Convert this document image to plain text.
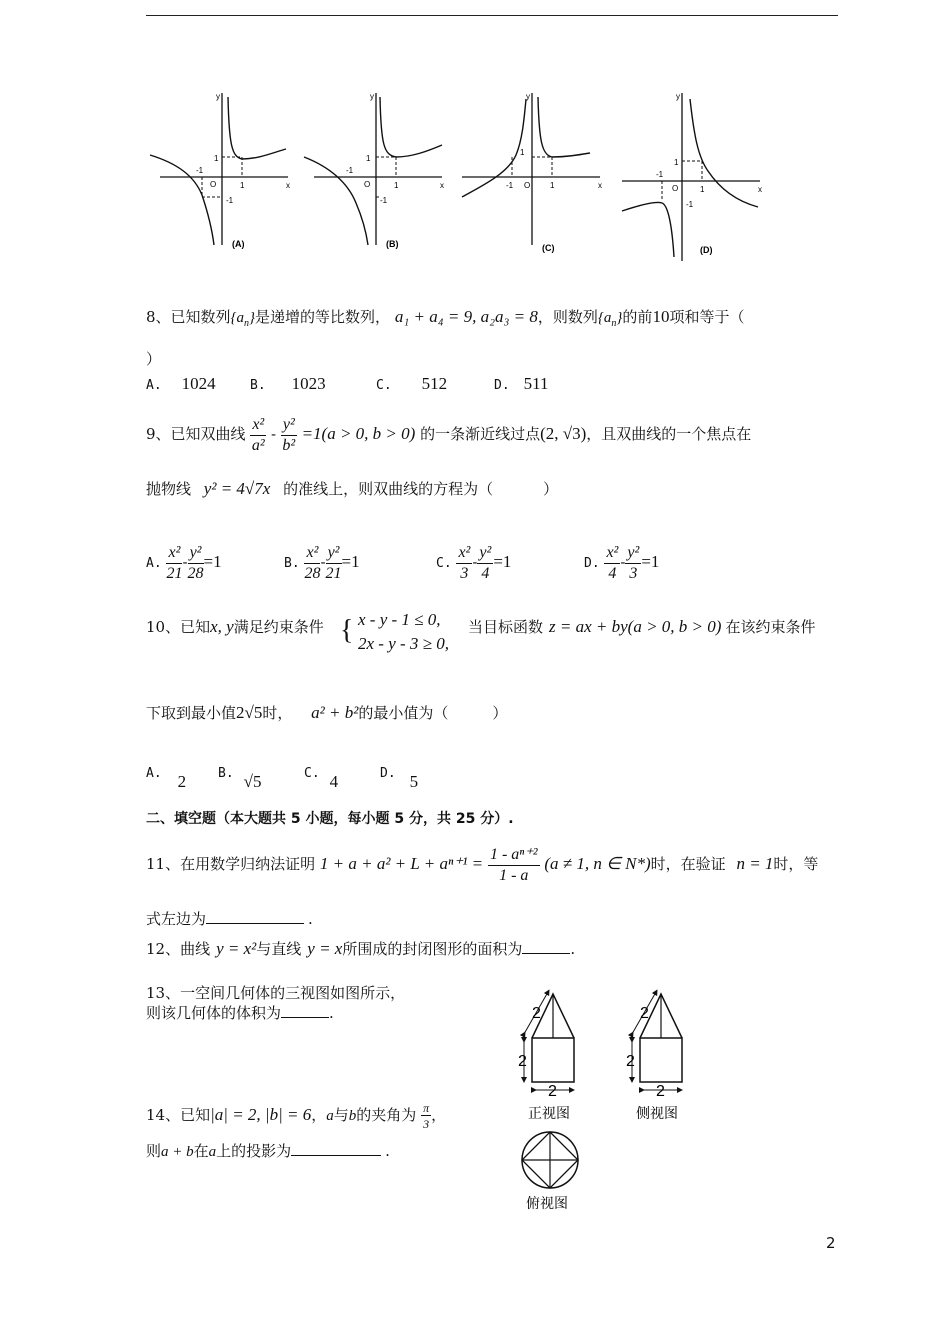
y
x
-1
O	1
1
-1
(A)
y
x
-1
O	1
1
-1
(B)
y
x
-1 O 1
1
(C)
y
x
-1
O	1
1
-1
(D)
8、已知数列$\{a_n\}$是递增的等比数列， a₁ + a₄ = 9, a₂a₃ = 8，则数列$\{a_n\}$的前10项和等于（
）
A. 1024	B. 1023	C. 512	D. 511
9、已知双曲线 $\frac{\text{x²}}{\text{a²}} - \frac{\text{y²}}{\text{b²}} =1(a > 0$, b > 0) 的一条渐近线过点(2, √3)，且双曲线的一个焦点在
抛物线 y² = 4√7x 的准线上，则双曲线的方程为（	）
A. $\frac{\text{x²}}{21} - \frac{\text{y²}}{28} =1$	B. $\frac{\text{x²}}{28} - \frac{\text{y²}}{21} =1$	C. $\frac{\text{x²}}{3} - \frac{\text{y²}}{4} =1$	D. $\frac{\text{x²}}{4} - \frac{\text{y²}}{3} =1$
10、已知x, y满足约束条件 { x - y - 1 ≤ 0,
2x - y - 3 ≥ 0,
当目标函数 z = ax + by(a > 0, b > 0) 在该约束条件
下取到最小值2√5时， a² + b²的最小值为（	）
A. 2 B. √5	C. 4	D. 5
二、填空题（本大题共 5 小题，每小题 5 分，共 25 分）.
11、在用数学归纳法证明 $1 + a + a^2 + L + a^{n+1} = \frac{\text{1 - aⁿ⁺²}}{1 - a} (a \ne 1$, n ∈ N*)时，在验证 n = 1时，等
式左边为	.
12、曲线 y = x²与直线 y = x所围成的封闭图形的面积为	.
13、一空间几何体的三视图如图所示，
则该几何体的体积为	.	2
2
2
正视图
2
2
2
侧视图
俯视图
14、已知|a| = 2, |b| = 6，a与b的夹角为 $\frac{\pi}{3}$ ，
则a + b在a上的投影为	.
2
